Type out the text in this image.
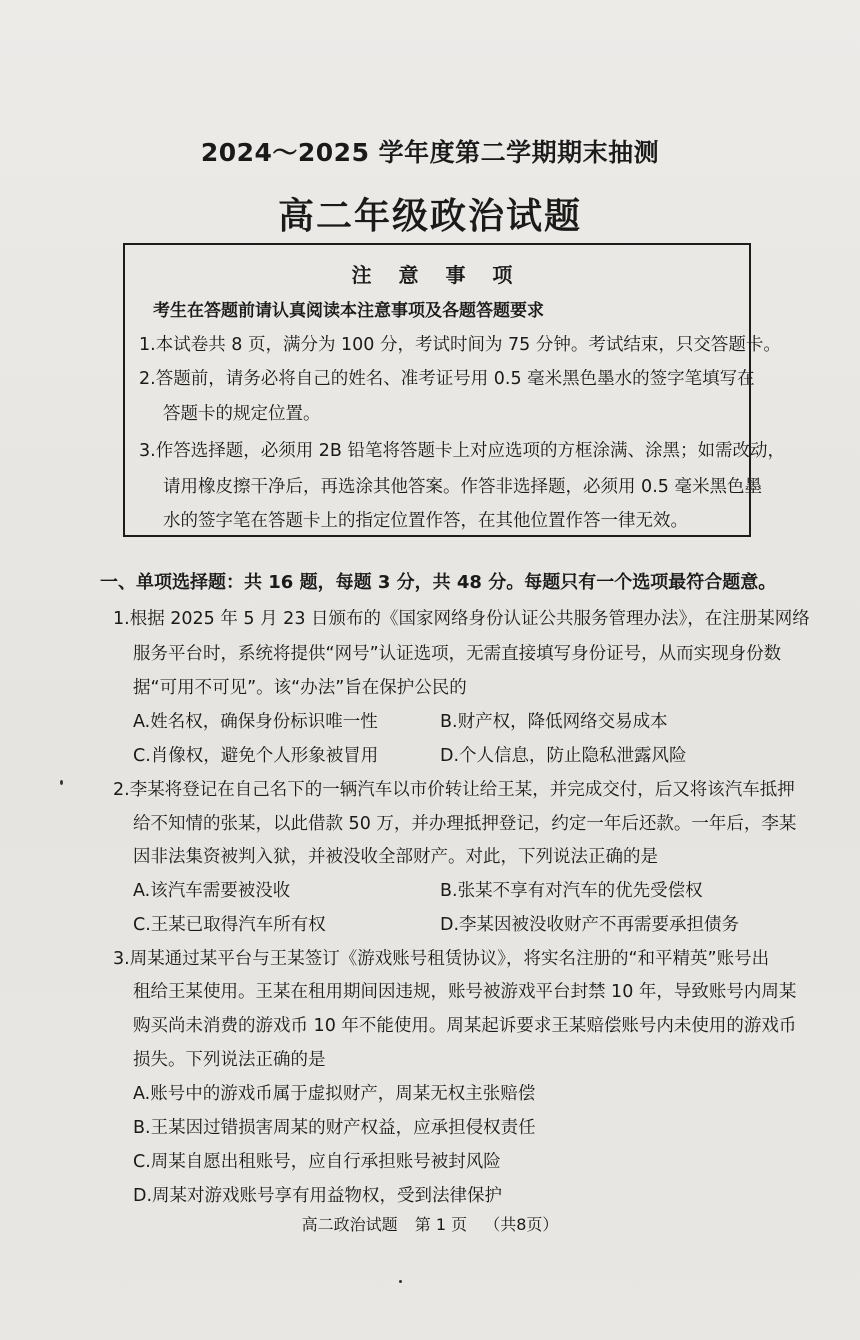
2024～2025 学年度第二学期期末抽测
高二年级政治试题
注 意 事 项
考生在答题前请认真阅读本注意事项及各题答题要求
1.本试卷共 8 页，满分为 100 分，考试时间为 75 分钟。考试结束，只交答题卡。
2.答题前，请务必将自己的姓名、准考证号用 0.5 毫米黑色墨水的签字笔填写在
答题卡的规定位置。
3.作答选择题，必须用 2B 铅笔将答题卡上对应选项的方框涂满、涂黑；如需改动，
请用橡皮擦干净后，再选涂其他答案。作答非选择题，必须用 0.5 毫米黑色墨
水的签字笔在答题卡上的指定位置作答，在其他位置作答一律无效。
一、单项选择题：共 16 题，每题 3 分，共 48 分。每题只有一个选项最符合题意。
1.根据 2025 年 5 月 23 日颁布的《国家网络身份认证公共服务管理办法》，在注册某网络
服务平台时，系统将提供“网号”认证选项，无需直接填写身份证号，从而实现身份数
据“可用不可见”。该“办法”旨在保护公民的
A.姓名权，确保身份标识唯一性	B.财产权，降低网络交易成本
C.肖像权，避免个人形象被冒用	D.个人信息，防止隐私泄露风险
2.李某将登记在自己名下的一辆汽车以市价转让给王某，并完成交付，后又将该汽车抵押
给不知情的张某，以此借款 50 万，并办理抵押登记，约定一年后还款。一年后，李某
因非法集资被判入狱，并被没收全部财产。对此，下列说法正确的是
A.该汽车需要被没收	B.张某不享有对汽车的优先受偿权
C.王某已取得汽车所有权	D.李某因被没收财产不再需要承担债务
3.周某通过某平台与王某签订《游戏账号租赁协议》，将实名注册的“和平精英”账号出
租给王某使用。王某在租用期间因违规，账号被游戏平台封禁 10 年，导致账号内周某
购买尚未消费的游戏币 10 年不能使用。周某起诉要求王某赔偿账号内未使用的游戏币
损失。下列说法正确的是
A.账号中的游戏币属于虚拟财产，周某无权主张赔偿
B.王某因过错损害周某的财产权益，应承担侵权责任
C.周某自愿出租账号，应自行承担账号被封风险
D.周某对游戏账号享有用益物权，受到法律保护
高二政治试题 第 1 页 （共8页）
